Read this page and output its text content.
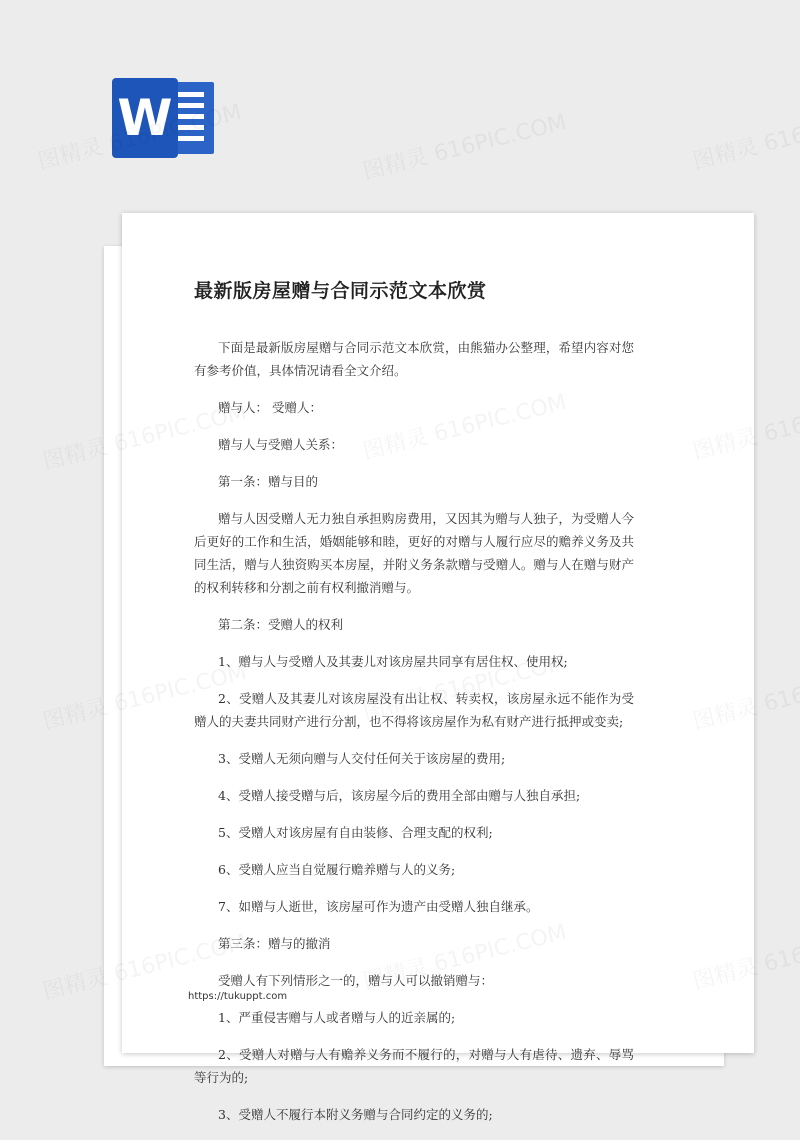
W
最新版房屋赠与合同示范文本欣赏
下面是最新版房屋赠与合同示范文本欣赏，由熊猫办公整理，希望内容对您有参考价值，具体情况请看全文介绍。
赠与人： 受赠人：
赠与人与受赠人关系：
第一条：赠与目的
赠与人因受赠人无力独自承担购房费用，又因其为赠与人独子，为受赠人今后更好的工作和生活，婚姻能够和睦，更好的对赠与人履行应尽的赡养义务及共同生活，赠与人独资购买本房屋，并附义务条款赠与受赠人。赠与人在赠与财产的权利转移和分割之前有权利撤消赠与。
第二条：受赠人的权利
1、赠与人与受赠人及其妻儿对该房屋共同享有居住权、使用权;
2、受赠人及其妻儿对该房屋没有出让权、转卖权，该房屋永远不能作为受赠人的夫妻共同财产进行分割，也不得将该房屋作为私有财产进行抵押或变卖;
3、受赠人无须向赠与人交付任何关于该房屋的费用;
4、受赠人接受赠与后，该房屋今后的费用全部由赠与人独自承担;
5、受赠人对该房屋有自由装修、合理支配的权利;
6、受赠人应当自觉履行赡养赠与人的义务;
7、如赠与人逝世，该房屋可作为遗产由受赠人独自继承。
第三条：赠与的撤消
受赠人有下列情形之一的，赠与人可以撤销赠与：
1、严重侵害赠与人或者赠与人的近亲属的;
2、受赠人对赠与人有赡养义务而不履行的，对赠与人有虐待、遗弃、辱骂等行为的;
3、受赠人不履行本附义务赠与合同约定的义务的;
https://tukuppt.com
